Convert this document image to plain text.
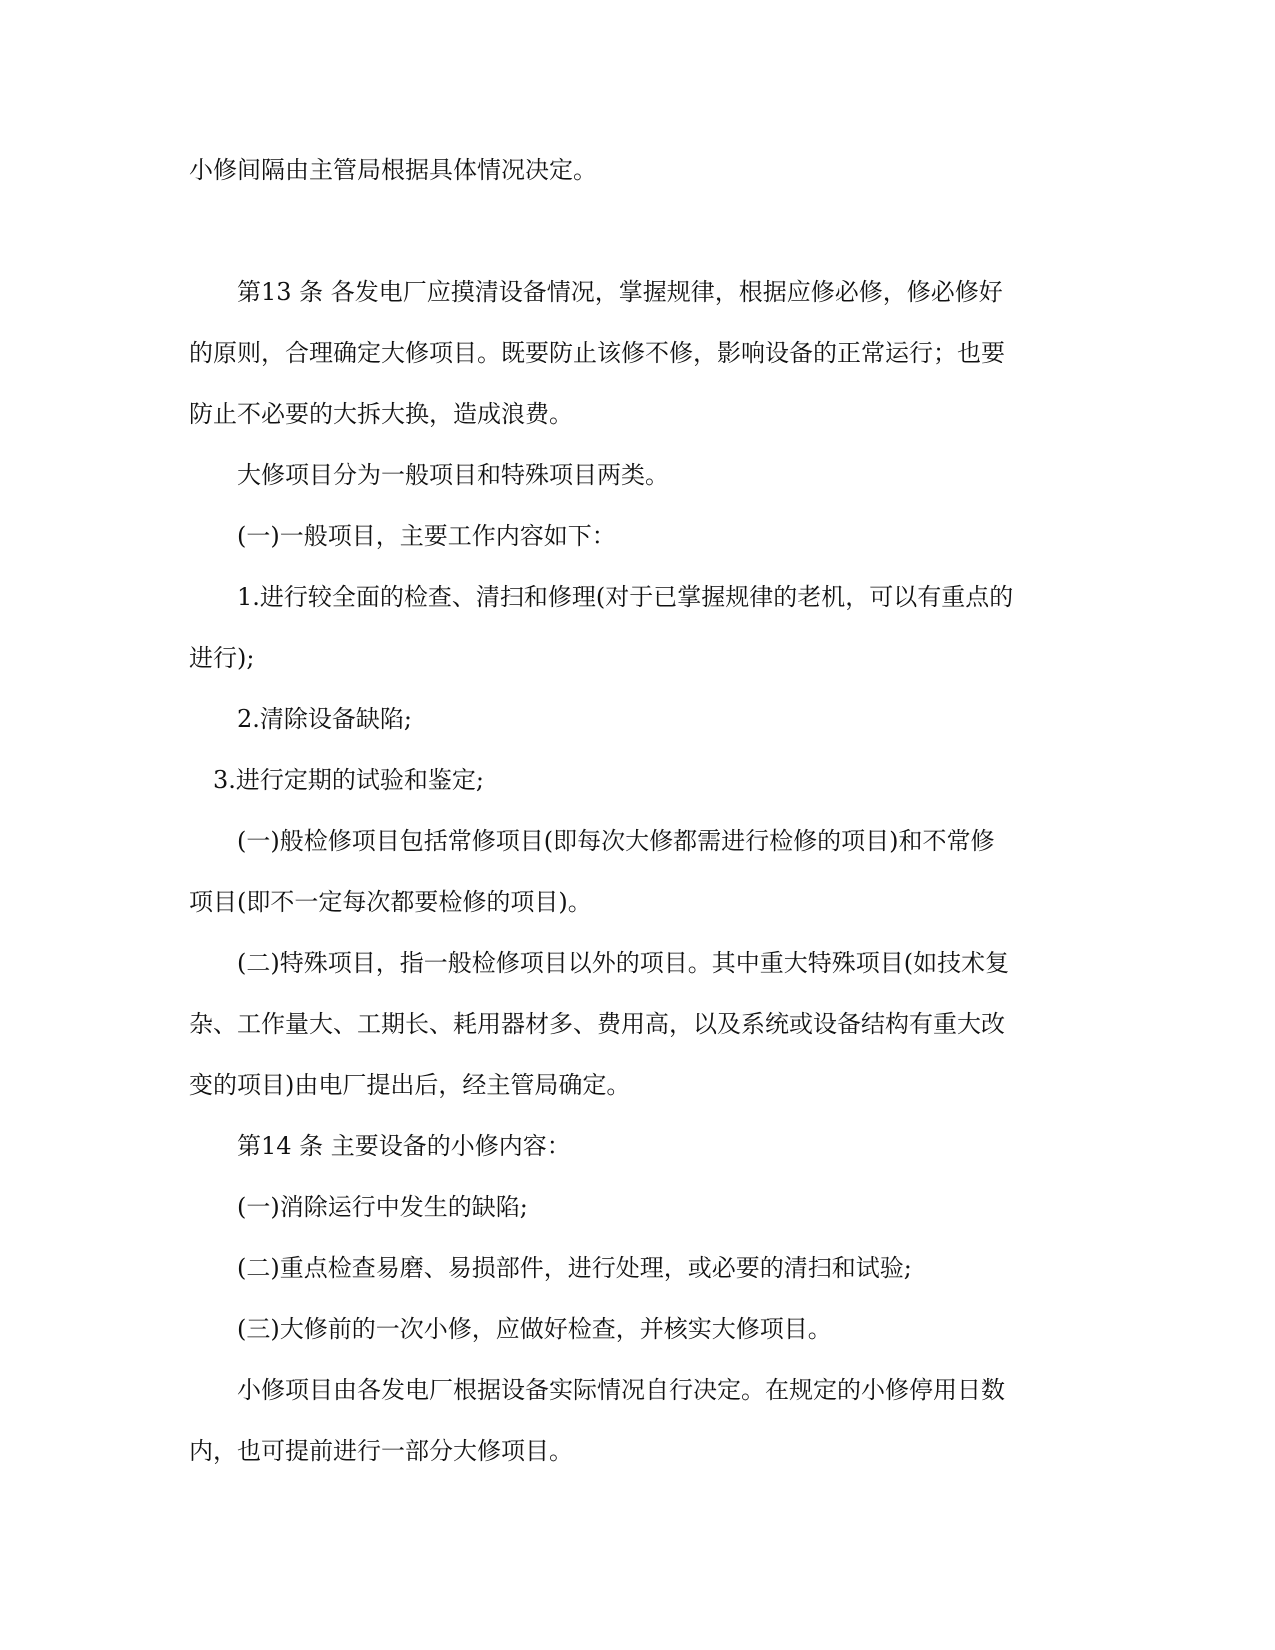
小修间隔由主管局根据具体情况决定。

第13 条 各发电厂应摸清设备情况，掌握规律，根据应修必修，修必修好

的原则，合理确定大修项目。既要防止该修不修，影响设备的正常运行；也要

防止不必要的大拆大换，造成浪费。

大修项目分为一般项目和特殊项目两类。

(一)一般项目，主要工作内容如下：

1.进行较全面的检查、清扫和修理(对于已掌握规律的老机，可以有重点的

进行);

2.清除设备缺陷;

3.进行定期的试验和鉴定;

(一)般检修项目包括常修项目(即每次大修都需进行检修的项目)和不常修

项目(即不一定每次都要检修的项目)。

(二)特殊项目，指一般检修项目以外的项目。其中重大特殊项目(如技术复

杂、工作量大、工期长、耗用器材多、费用高，以及系统或设备结构有重大改

变的项目)由电厂提出后，经主管局确定。

第14 条 主要设备的小修内容：

(一)消除运行中发生的缺陷;

(二)重点检查易磨、易损部件，进行处理，或必要的清扫和试验;

(三)大修前的一次小修，应做好检查，并核实大修项目。

小修项目由各发电厂根据设备实际情况自行决定。在规定的小修停用日数

内，也可提前进行一部分大修项目。
